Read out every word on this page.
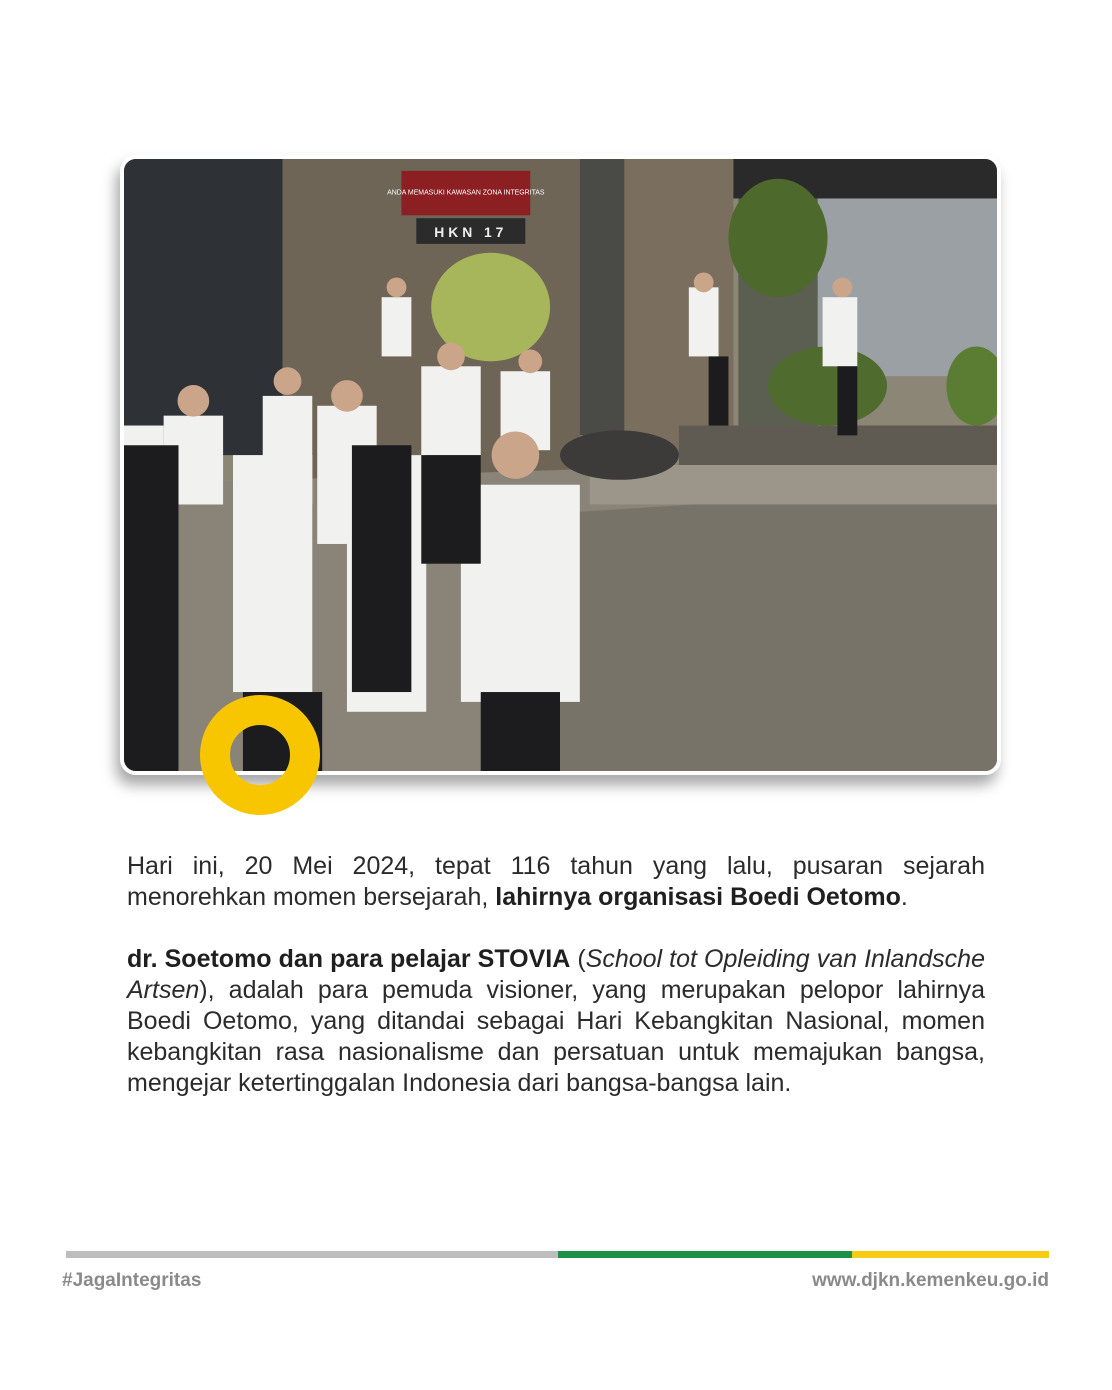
ANDA MEMASUKI KAWASAN ZONA INTEGRITAS
HKN 17

Hari ini, 20 Mei 2024, tepat 116 tahun yang lalu, pusaran sejarah menorehkan momen bersejarah, lahirnya organisasi Boedi Oetomo.

dr. Soetomo dan para pelajar STOVIA (School tot Opleiding van Inlandsche Artsen), adalah para pemuda visioner, yang merupakan pelopor lahirnya Boedi Oetomo, yang ditandai sebagai Hari Kebangkitan Nasional, momen kebangkitan rasa nasionalisme dan persatuan untuk memajukan bangsa, mengejar ketertinggalan Indonesia dari bangsa-bangsa lain.

#JagaIntegritas	www.djkn.kemenkeu.go.id
